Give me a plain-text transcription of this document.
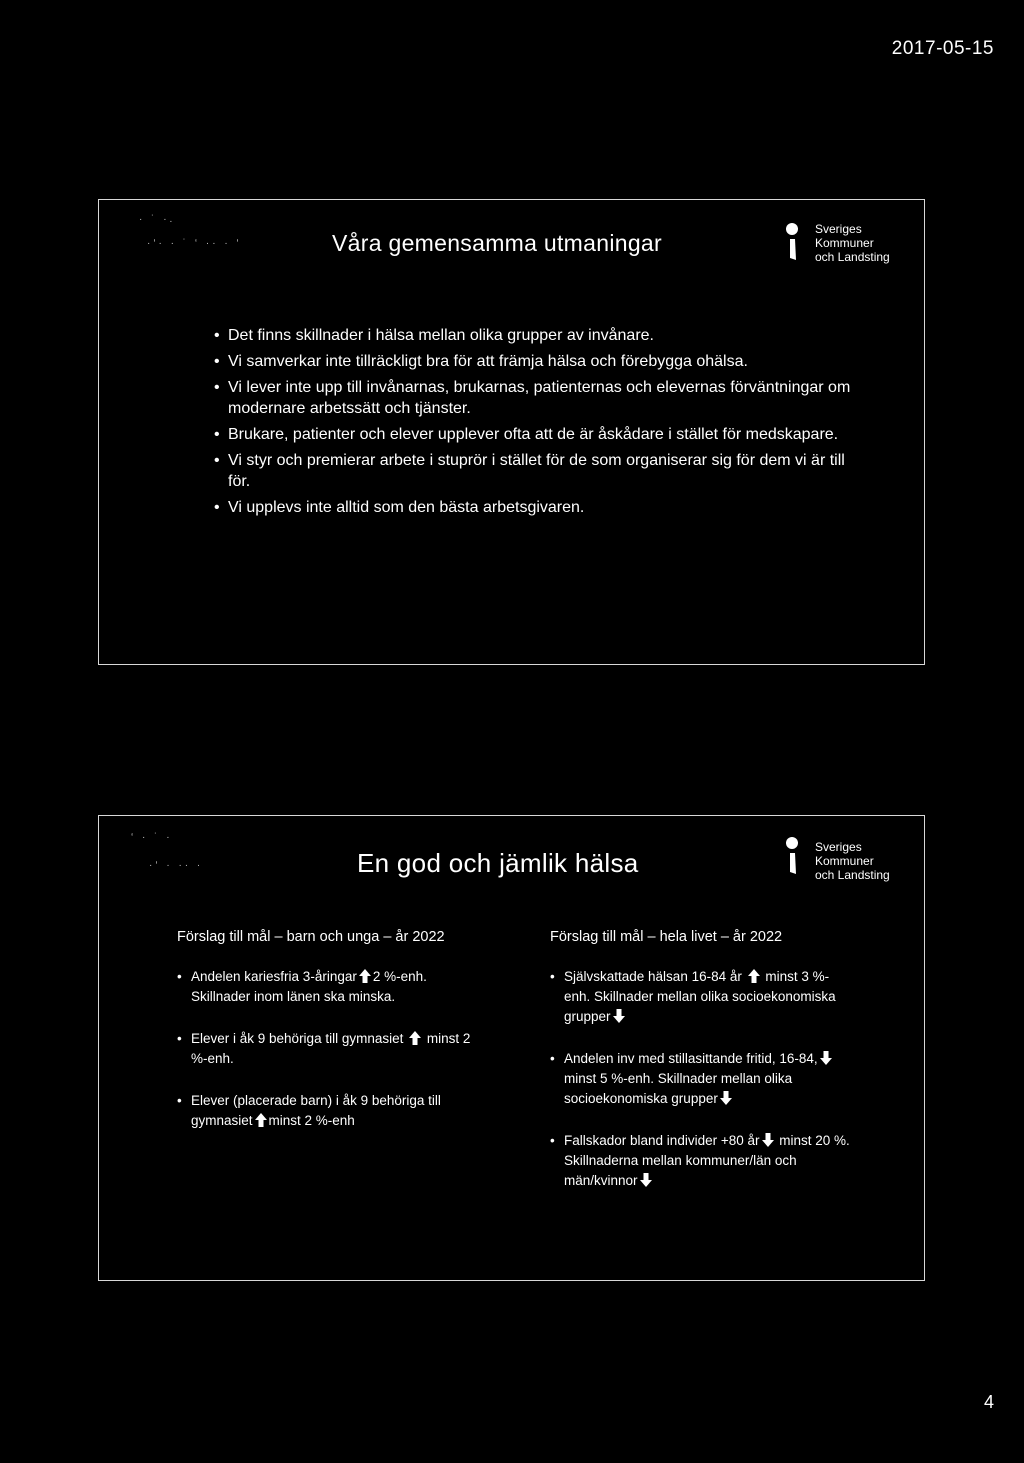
2017-05-15
· ˙ ·.
·‘· · ˙ ‘ ·· · ‘	Våra gemensamma utmaningar
Sveriges
Kommuner
och Landsting
• Det finns skillnader i hälsa mellan olika grupper av invånare.
• Vi samverkar inte tillräckligt bra för att främja hälsa och förebygga ohälsa.
• Vi lever inte upp till invånarnas, brukarnas, patienternas och elevernas förväntningar om modernare arbetssätt och tjänster.
• Brukare, patienter och elever upplever ofta att de är åskådare i stället för medskapare.
• Vi styr och premierar arbete i stuprör i stället för de som organiserar sig för dem vi är till för.
• Vi upplevs inte alltid som den bästa arbetsgivaren.
‘ · ˙ ·
·‘ · ·· ·	En god och jämlik hälsa
Sveriges
Kommuner
och Landsting
Förslag till mål – barn och unga – år 2022
• Andelen kariesfria 3-åringar 2 %-enh. Skillnader inom länen ska minska.
• Elever i åk 9 behöriga till gymnasiet minst 2 %-enh.
• Elever (placerade barn) i åk 9 behöriga till gymnasiet minst 2 %-enh
Förslag till mål – hela livet – år 2022
• Självskattade hälsan 16-84 år minst 3 %-enh. Skillnader mellan olika socioekonomiska grupper
• Andelen inv med stillasittande fritid, 16-84,minst 5 %-enh. Skillnader mellan olika socioekonomiska grupper
• Fallskador bland individer +80 år minst 20 %. Skillnaderna mellan kommuner/län och män/kvinnor
4
